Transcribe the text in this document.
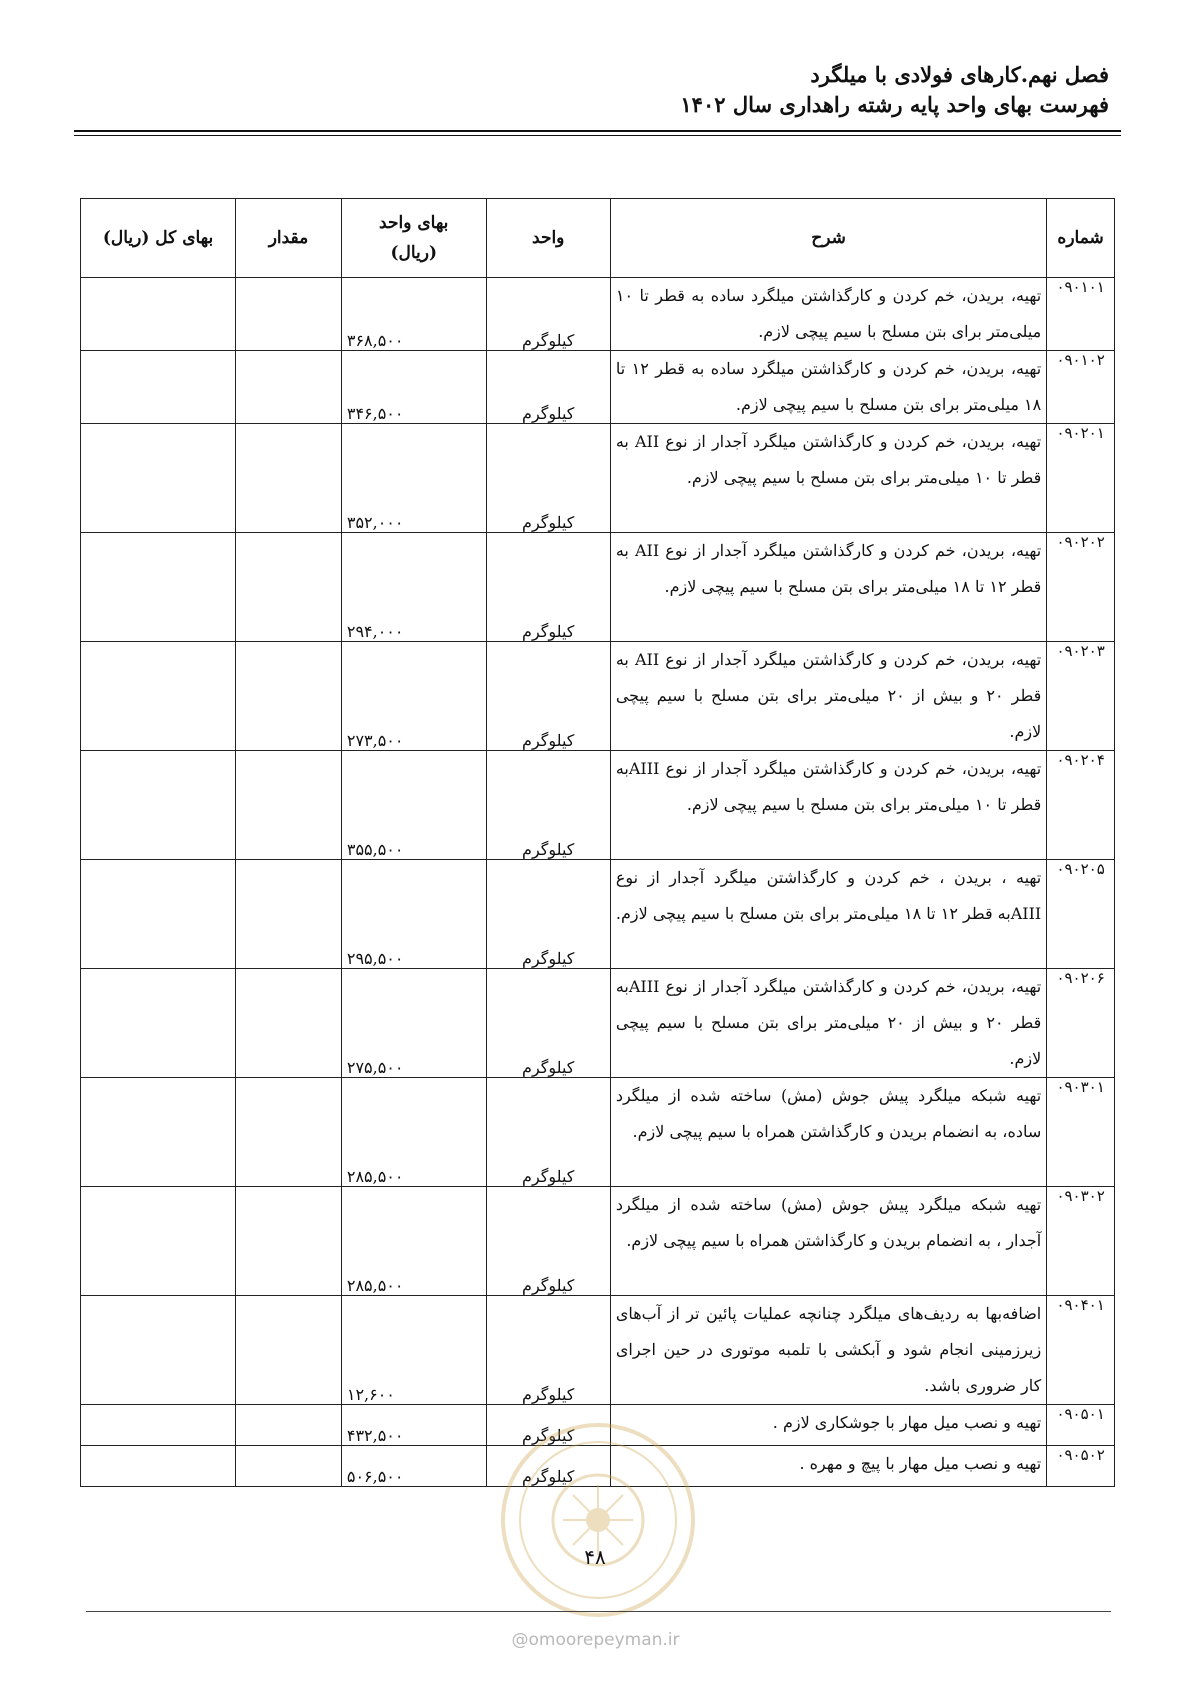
فصل نهم.کارهای فولادی با میلگرد
فهرست بهای واحد پایه رشته راهداری سال ۱۴۰۲
شماره	شرح	واحد	بهای واحد (ریال)	مقدار	بهای کل (ریال)
۰۹۰۱۰۱	تهیه، بریدن، خم کردن و کارگذاشتن میلگرد ساده به قطر تا ۱۰ میلی‌متر برای بتن مسلح با سیم پیچی لازم.	کیلوگرم	۳۶۸,۵۰۰		
۰۹۰۱۰۲	تهیه، بریدن، خم کردن و کارگذاشتن میلگرد ساده به قطر ۱۲ تا ۱۸ میلی‌متر برای بتن مسلح با سیم پیچی لازم.	کیلوگرم	۳۴۶,۵۰۰		
۰۹۰۲۰۱	تهیه، بریدن، خم کردن و کارگذاشتن میلگرد آجدار از نوع AII به قطر تا ۱۰ میلی‌متر برای بتن مسلح با سیم پیچی لازم.	کیلوگرم	۳۵۲,۰۰۰		
۰۹۰۲۰۲	تهیه، بریدن، خم کردن و کارگذاشتن میلگرد آجدار از نوع AII به قطر ۱۲ تا ۱۸ میلی‌متر برای بتن مسلح با سیم پیچی لازم.	کیلوگرم	۲۹۴,۰۰۰		
۰۹۰۲۰۳	تهیه، بریدن، خم کردن و کارگذاشتن میلگرد آجدار از نوع AII به قطر ۲۰ و بیش از ۲۰ میلی‌متر برای بتن مسلح با سیم پیچی لازم.	کیلوگرم	۲۷۳,۵۰۰		
۰۹۰۲۰۴	تهیه، بریدن، خم کردن و کارگذاشتن میلگرد آجدار از نوع AIIIبه قطر تا ۱۰ میلی‌متر برای بتن مسلح با سیم پیچی لازم.	کیلوگرم	۳۵۵,۵۰۰		
۰۹۰۲۰۵	تهیه ، بریدن ، خم کردن و کارگذاشتن میلگرد آجدار از نوع AIIIبه قطر ۱۲ تا ۱۸ میلی‌متر برای بتن مسلح با سیم پیچی لازم.	کیلوگرم	۲۹۵,۵۰۰		
۰۹۰۲۰۶	تهیه، بریدن، خم کردن و کارگذاشتن میلگرد آجدار از نوع AIIIبه قطر ۲۰ و بیش از ۲۰ میلی‌متر برای بتن مسلح با سیم پیچی لازم.	کیلوگرم	۲۷۵,۵۰۰		
۰۹۰۳۰۱	تهیه شبکه میلگرد پیش جوش (مش) ساخته شده از میلگرد ساده، به انضمام بریدن و کارگذاشتن همراه با سیم پیچی لازم.	کیلوگرم	۲۸۵,۵۰۰		
۰۹۰۳۰۲	تهیه شبکه میلگرد پیش جوش (مش) ساخته شده از میلگرد آجدار ، به انضمام بریدن و کارگذاشتن همراه با سیم پیچی لازم.	کیلوگرم	۲۸۵,۵۰۰		
۰۹۰۴۰۱	اضافه‌بها به ردیف‌های میلگرد چنانچه عملیات پائین تر از آب‌های زیرزمینی انجام شود و آبکشی با تلمبه موتوری در حین اجرای کار ضروری باشد.	کیلوگرم	۱۲,۶۰۰		
۰۹۰۵۰۱	تهیه و نصب میل مهار با جوشکاری لازم .	کیلوگرم	۴۳۲,۵۰۰		
۰۹۰۵۰۲	تهیه و نصب میل مهار با پیچ و مهره .	کیلوگرم	۵۰۶,۵۰۰		
۴۸
@omoorepeyman.ir
